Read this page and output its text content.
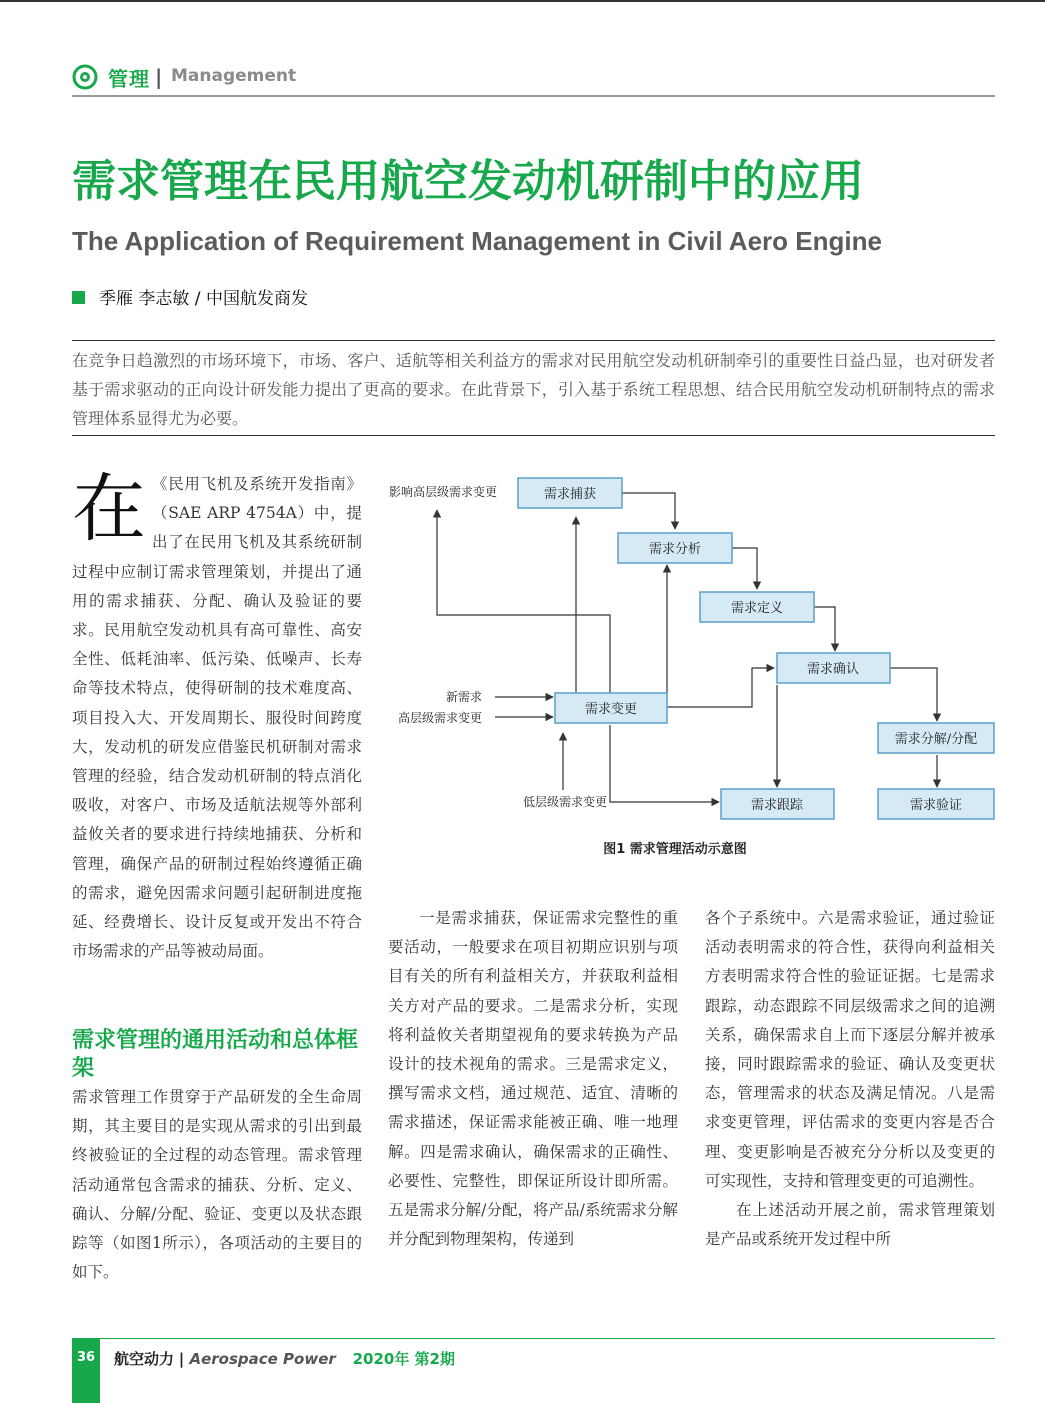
管理 | Management
需求管理在民用航空发动机研制中的应用
The Application of Requirement Management in Civil Aero Engine
季雁 李志敏 / 中国航发商发
在竞争日趋激烈的市场环境下，市场、客户、适航等相关利益方的需求对民用航空发动机研制牵引的重要性日益凸显，也对研发者基于需求驱动的正向设计研发能力提出了更高的要求。在此背景下，引入基于系统工程思想、结合民用航空发动机研制特点的需求管理体系显得尤为必要。
在 《民用飞机及系统开发指南》（SAE ARP 4754A）中，提出了在民用飞机及其系统研制过程中应制订需求管理策划，并提出了通用的需求捕获、分配、确认及验证的要求。民用航空发动机具有高可靠性、高安全性、低耗油率、低污染、低噪声、长寿命等技术特点，使得研制的技术难度高、项目投入大、开发周期长、服役时间跨度大，发动机的研发应借鉴民机研制对需求管理的经验，结合发动机研制的特点消化吸收，对客户、市场及适航法规等外部利益攸关者的要求进行持续地捕获、分析和管理，确保产品的研制过程始终遵循正确的需求，避免因需求问题引起研制进度拖延、经费增长、设计反复或开发出不符合市场需求的产品等被动局面。

需求管理的通用活动和总体框架

需求管理工作贯穿于产品研发的全生命周期，其主要目的是实现从需求的引出到最终被验证的全过程的动态管理。需求管理活动通常包含需求的捕获、分析、定义、确认、分解/分配、验证、变更以及状态跟踪等（如图1所示），各项活动的主要目的如下。

需求捕获
需求分析
需求定义
需求确认
需求变更
需求分解/分配
需求跟踪	需求验证
影响高层级需求变更
新需求
高层级需求变更
低层级需求变更
图1 需求管理活动示意图

一是需求捕获，保证需求完整性的重要活动，一般要求在项目初期应识别与项目有关的所有利益相关方，并获取利益相关方对产品的要求。二是需求分析，实现将利益攸关者期望视角的要求转换为产品设计的技术视角的需求。三是需求定义，撰写需求文档，通过规范、适宜、清晰的需求描述，保证需求能被正确、唯一地理解。四是需求确认，确保需求的正确性、必要性、完整性，即保证所设计即所需。五是需求分解/分配，将产品/系统需求分解并分配到物理架构，传递到

各个子系统中。六是需求验证，通过验证活动表明需求的符合性，获得向利益相关方表明需求符合性的验证证据。七是需求跟踪，动态跟踪不同层级需求之间的追溯关系，确保需求自上而下逐层分解并被承接，同时跟踪需求的验证、确认及变更状态，管理需求的状态及满足情况。八是需求变更管理，评估需求的变更内容是否合理、变更影响是否被充分分析以及变更的可实现性，支持和管理变更的可追溯性。

在上述活动开展之前，需求管理策划是产品或系统开发过程中所

36	航空动力 | Aerospace Power 2020年 第2期
